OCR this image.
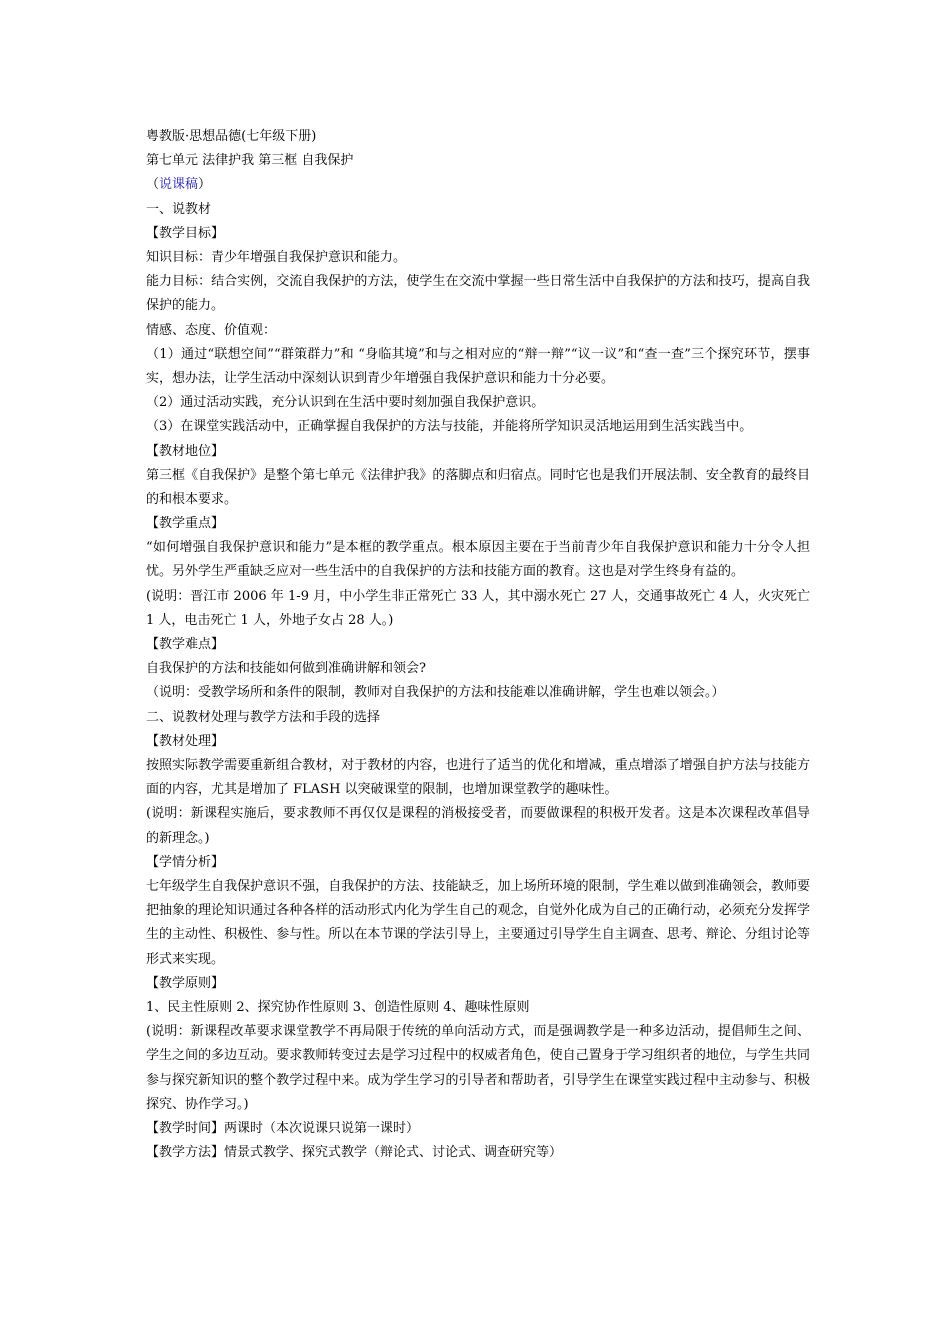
粤教版·思想品德(七年级下册)
第七单元 法律护我 第三框 自我保护
（说课稿）
一、说教材
【教学目标】
知识目标：青少年增强自我保护意识和能力。
能力目标：结合实例，交流自我保护的方法，使学生在交流中掌握一些日常生活中自我保护的方法和技巧，提高自我保护的能力。
情感、态度、价值观：
（1）通过“联想空间”“群策群力”和 “身临其境”和与之相对应的“辩一辩”“议一议”和“查一查”三个探究环节，摆事实，想办法，让学生活动中深刻认识到青少年增强自我保护意识和能力十分必要。
（2）通过活动实践，充分认识到在生活中要时刻加强自我保护意识。
（3）在课堂实践活动中，正确掌握自我保护的方法与技能，并能将所学知识灵活地运用到生活实践当中。
【教材地位】
第三框《自我保护》是整个第七单元《法律护我》的落脚点和归宿点。同时它也是我们开展法制、安全教育的最终目的和根本要求。
【教学重点】
“如何增强自我保护意识和能力”是本框的教学重点。根本原因主要在于当前青少年自我保护意识和能力十分令人担忧。另外学生严重缺乏应对一些生活中的自我保护的方法和技能方面的教育。这也是对学生终身有益的。
(说明：晋江市 2006 年 1-9 月，中小学生非正常死亡 33 人，其中溺水死亡 27 人，交通事故死亡 4 人，火灾死亡 1 人，电击死亡 1 人，外地子女占 28 人。)
【教学难点】
自我保护的方法和技能如何做到准确讲解和领会?
（说明：受教学场所和条件的限制，教师对自我保护的方法和技能难以准确讲解，学生也难以领会。）
二、说教材处理与教学方法和手段的选择
【教材处理】
按照实际教学需要重新组合教材，对于教材的内容，也进行了适当的优化和增减，重点增添了增强自护方法与技能方面的内容，尤其是增加了 FLASH 以突破课堂的限制，也增加课堂教学的趣味性。
(说明：新课程实施后，要求教师不再仅仅是课程的消极接受者，而要做课程的积极开发者。这是本次课程改革倡导的新理念。)
【学情分析】
七年级学生自我保护意识不强，自我保护的方法、技能缺乏，加上场所环境的限制，学生难以做到准确领会，教师要把抽象的理论知识通过各种各样的活动形式内化为学生自己的观念，自觉外化成为自己的正确行动，必须充分发挥学生的主动性、积极性、参与性。所以在本节课的学法引导上，主要通过引导学生自主调查、思考、辩论、分组讨论等形式来实现。
【教学原则】
1、民主性原则 2、探究协作性原则 3、创造性原则 4、趣味性原则
(说明：新课程改革要求课堂教学不再局限于传统的单向活动方式，而是强调教学是一种多边活动，提倡师生之间、学生之间的多边互动。要求教师转变过去是学习过程中的权威者角色，使自己置身于学习组织者的地位，与学生共同参与探究新知识的整个教学过程中来。成为学生学习的引导者和帮助者，引导学生在课堂实践过程中主动参与、积极探究、协作学习。)
【教学时间】两课时（本次说课只说第一课时）
【教学方法】情景式教学、探究式教学（辩论式、讨论式、调查研究等）
